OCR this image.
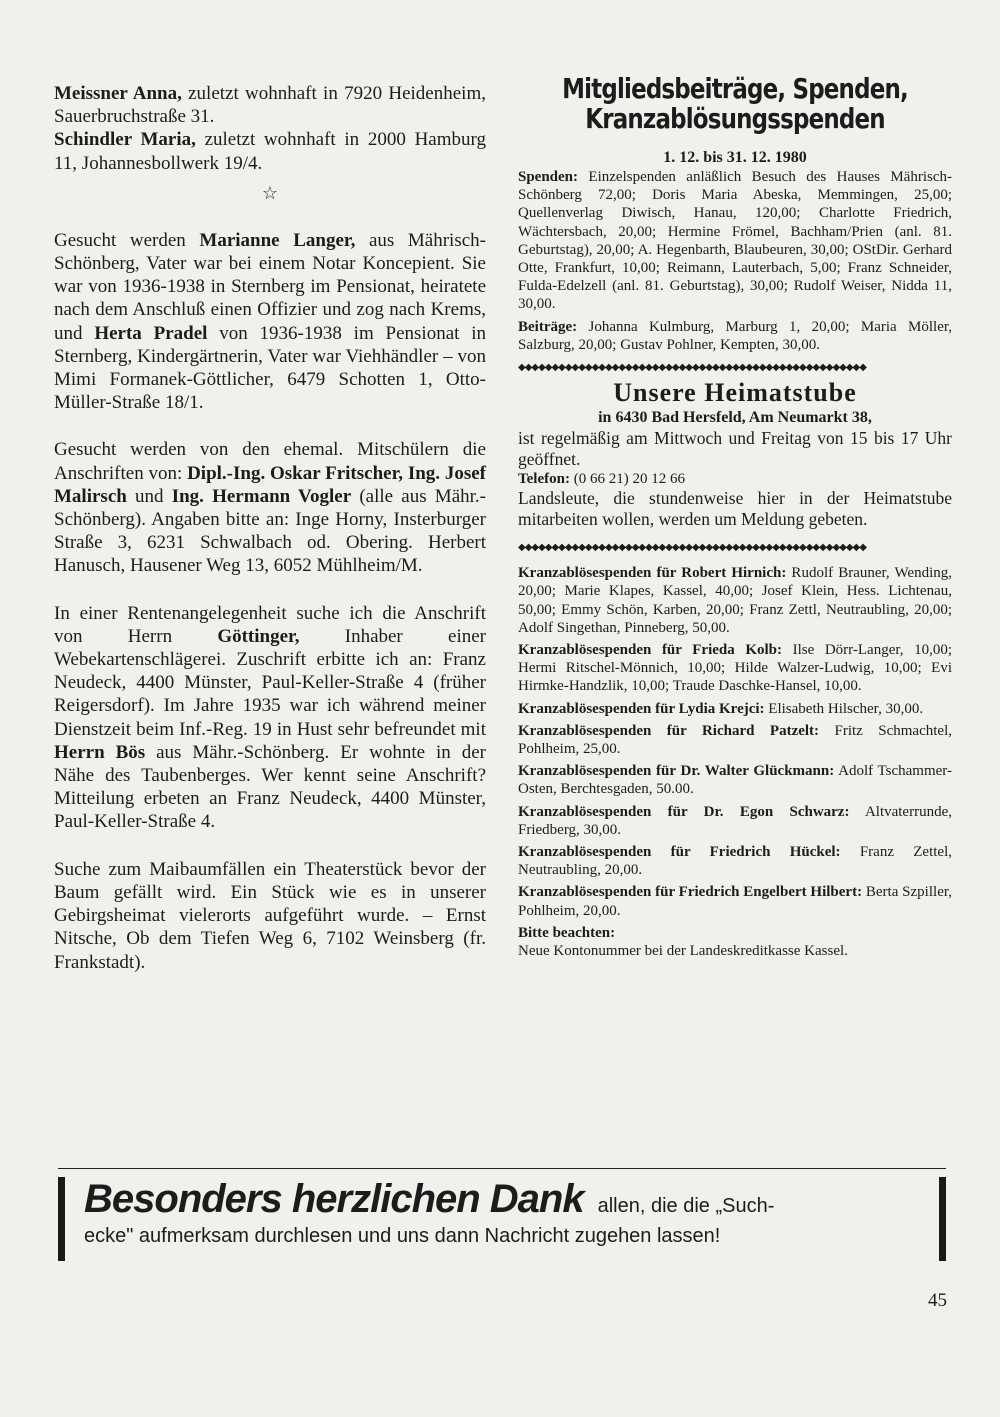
Meissner Anna, zuletzt wohnhaft in 7920 Heidenheim, Sauerbruchstraße 31.

Schindler Maria, zuletzt wohnhaft in 2000 Hamburg 11, Johannesbollwerk 19/4.

☆

Gesucht werden Marianne Langer, aus Mährisch-Schönberg, Vater war bei einem Notar Koncepient. Sie war von 1936-1938 in Sternberg im Pensionat, heiratete nach dem Anschluß einen Offizier und zog nach Krems, und Herta Pradel von 1936-1938 im Pensionat in Sternberg, Kindergärtnerin, Vater war Viehhändler – von Mimi Formanek-Göttlicher, 6479 Schotten 1, Otto-Müller-Straße 18/1.

Gesucht werden von den ehemal. Mitschülern die Anschriften von: Dipl.-Ing. Oskar Fritscher, Ing. Josef Malirsch und Ing. Hermann Vogler (alle aus Mähr.-Schönberg). Angaben bitte an: Inge Horny, Insterburger Straße 3, 6231 Schwalbach od. Obering. Herbert Hanusch, Hausener Weg 13, 6052 Mühlheim/M.

In einer Rentenangelegenheit suche ich die Anschrift von Herrn Göttinger, Inhaber einer Webekartenschlägerei. Zuschrift erbitte ich an: Franz Neudeck, 4400 Münster, Paul-Keller-Straße 4 (früher Reigersdorf). Im Jahre 1935 war ich während meiner Dienstzeit beim Inf.-Reg. 19 in Hust sehr befreundet mit Herrn Bös aus Mähr.-Schönberg. Er wohnte in der Nähe des Taubenberges. Wer kennt seine Anschrift? Mitteilung erbeten an Franz Neudeck, 4400 Münster, Paul-Keller-Straße 4.

Suche zum Maibaumfällen ein Theaterstück bevor der Baum gefällt wird. Ein Stück wie es in unserer Gebirgsheimat vielerorts aufgeführt wurde. – Ernst Nitsche, Ob dem Tiefen Weg 6, 7102 Weinsberg (fr. Frankstadt).

Mitgliedsbeiträge, Spenden,
Kranzablösungsspenden
1. 12. bis 31. 12. 1980

Spenden: Einzelspenden anläßlich Besuch des Hauses Mährisch-Schönberg 72,00; Doris Maria Abeska, Memmingen, 25,00; Quellenverlag Diwisch, Hanau, 120,00; Charlotte Friedrich, Wächtersbach, 20,00; Hermine Frömel, Bachham/Prien (anl. 81. Geburtstag), 20,00; A. Hegenbarth, Blaubeuren, 30,00; OStDir. Gerhard Otte, Frankfurt, 10,00; Reimann, Lauterbach, 5,00; Franz Schneider, Fulda-Edelzell (anl. 81. Geburtstag), 30,00; Rudolf Weiser, Nidda 11, 30,00.

Beiträge: Johanna Kulmburg, Marburg 1, 20,00; Maria Möller, Salzburg, 20,00; Gustav Pohlner, Kempten, 30,00.

◆◆◆◆◆◆◆◆◆◆◆◆◆◆◆◆◆◆◆◆◆◆◆◆◆◆◆◆◆◆◆◆◆◆◆◆◆◆◆◆◆◆◆◆◆◆◆◆◆◆◆◆
Unsere Heimatstube
in 6430 Bad Hersfeld, Am Neumarkt 38,

ist regelmäßig am Mittwoch und Freitag von 15 bis 17 Uhr geöffnet.

Telefon: (0 66 21) 20 12 66

Landsleute, die stundenweise hier in der Heimatstube mitarbeiten wollen, werden um Meldung gebeten.

◆◆◆◆◆◆◆◆◆◆◆◆◆◆◆◆◆◆◆◆◆◆◆◆◆◆◆◆◆◆◆◆◆◆◆◆◆◆◆◆◆◆◆◆◆◆◆◆◆◆◆◆

Kranzablösespenden für Robert Hirnich: Rudolf Brauner, Wending, 20,00; Marie Klapes, Kassel, 40,00; Josef Klein, Hess. Lichtenau, 50,00; Emmy Schön, Karben, 20,00; Franz Zettl, Neutraubling, 20,00; Adolf Singethan, Pinneberg, 50,00.

Kranzablösespenden für Frieda Kolb: Ilse Dörr-Langer, 10,00; Hermi Ritschel-Mönnich, 10,00; Hilde Walzer-Ludwig, 10,00; Evi Hirmke-Handzlik, 10,00; Traude Daschke-Hansel, 10,00.

Kranzablösespenden für Lydia Krejci: Elisabeth Hilscher, 30,00.

Kranzablösespenden für Richard Patzelt: Fritz Schmachtel, Pohlheim, 25,00.

Kranzablösespenden für Dr. Walter Glückmann: Adolf Tschammer-Osten, Berchtesgaden, 50.00.

Kranzablösespenden für Dr. Egon Schwarz: Altvaterrunde, Friedberg, 30,00.

Kranzablösespenden für Friedrich Hückel: Franz Zettel, Neutraubling, 20,00.

Kranzablösespenden für Friedrich Engelbert Hilbert: Berta Szpiller, Pohlheim, 20,00.

Bitte beachten:

Neue Kontonummer bei der Landeskreditkasse Kassel.

Besonders herzlichen Dank allen, die die „Such-
ecke" aufmerksam durchlesen und uns dann Nachricht zugehen lassen!
45
